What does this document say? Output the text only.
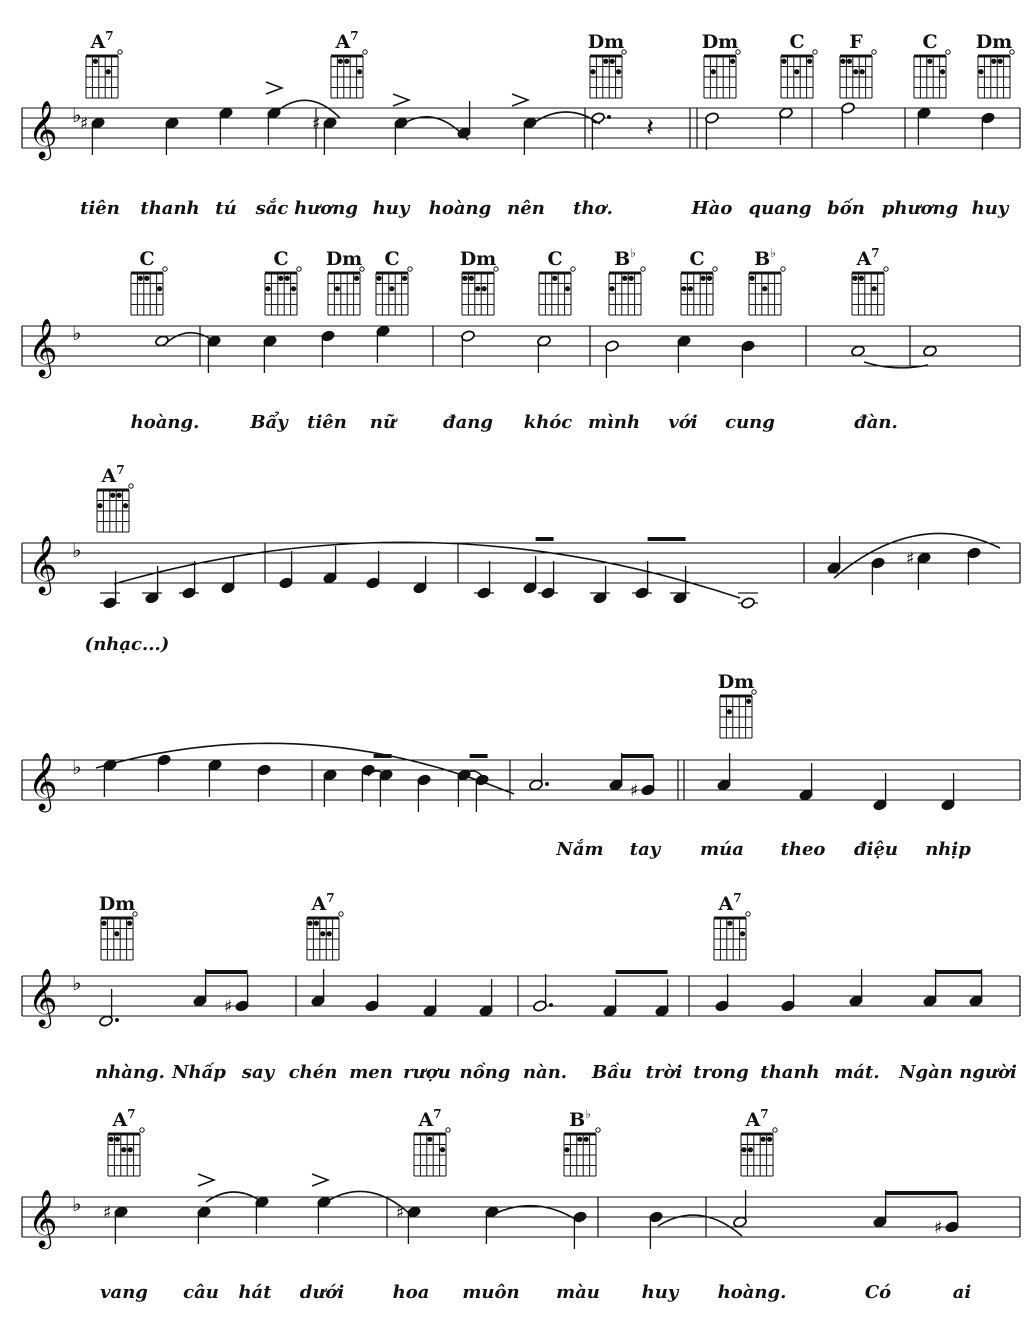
𝄞 ♭
𝄞 ♭
𝄞 ♭
𝄞 ♭
𝄞 ♭
𝄞 ♭
♯	♯	𝄽
♯
♯
♯
♯	♯
♯
$A^7$	$A^7$	Dm	Dm	C F	C Dm
tiên thanh tú sắc hương huy hoàng nên thơ.	Hào quang bốn phương huy
C	C Dm C	Dm	C	B♭	C	B♭	$A^7$
hoàng.	Bẩy tiên nữ	đang khóc mình với cung	đàn.
$A^7$
(nhạc...)
Dm
Nắm tay múa theo điệu nhịp
Dm	$A^7$	$A^7$
nhàng. Nhấp say chén men rượu nồng nàn. Bầu trời trong thanh mát. Ngàn người
$A^7$	$A^7$	B♭	$A^7$
vang câu hát dưới	hoa muôn màu huy hoàng.	Có	ai
